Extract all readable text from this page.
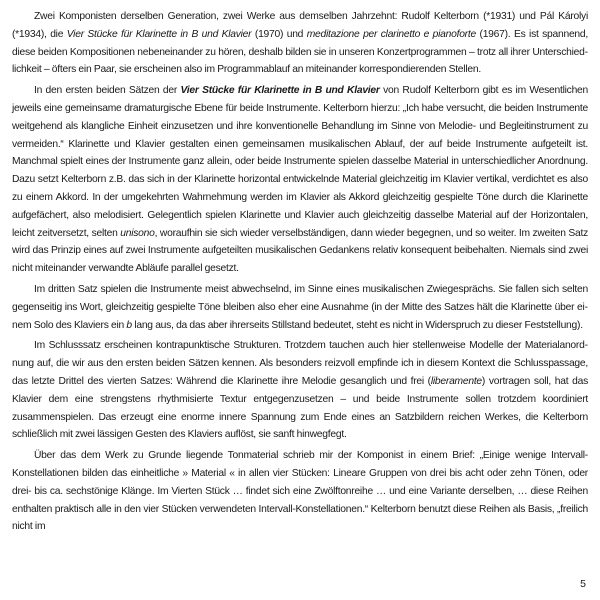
Zwei Komponisten derselben Generation, zwei Werke aus demselben Jahrzehnt: Rudolf Kelterborn (*1931) und Pál Károlyi (*1934), die Vier Stücke für Klarinette in B und Klavier (1970) und meditazione per clarinetto e pianoforte (1967). Es ist spannend, diese beiden Kompositionen nebeneinander zu hören, deshalb bilden sie in unseren Konzertprogrammen – trotz all ihrer Unterschiedlichkeit – öfters ein Paar, sie erscheinen also im Programmablauf an miteinander korrespondierenden Stellen.

In den ersten beiden Sätzen der Vier Stücke für Klarinette in B und Klavier von Rudolf Kelterborn gibt es im Wesentlichen jeweils eine gemeinsame dramaturgische Ebene für beide Instrumente. Kelterborn hierzu: „Ich habe versucht, die beiden Instrumente weitgehend als klangliche Einheit einzusetzen und ihre konventionelle Behandlung im Sinne von Melodie- und Begleitinstrument zu vermeiden.“ Klarinette und Klavier gestalten einen gemeinsamen musikalischen Ablauf, der auf beide Instrumente aufgeteilt ist. Manchmal spielt eines der Instrumente ganz allein, oder beide Instrumente spielen dasselbe Material in unterschiedlicher Anordnung. Dazu setzt Kelterborn z.B. das sich in der Klarinette horizontal entwickelnde Material gleichzeitig im Klavier vertikal, verdichtet es also zu einem Akkord. In der umgekehrten Wahrnehmung werden im Klavier als Akkord gleichzeitig gespielte Töne durch die Klarinette aufgefächert, also melodisiert. Gelegentlich spielen Klarinette und Klavier auch gleichzeitig dasselbe Material auf der Horizontalen, leicht zeitversetzt, selten unisono, woraufhin sie sich wieder verselbständigen, dann wieder begegnen, und so weiter. Im zweiten Satz wird das Prinzip eines auf zwei Instrumente aufgeteilten musikalischen Gedankens relativ konsequent beibehalten. Niemals sind zwei nicht miteinander verwandte Abläufe parallel gesetzt.

Im dritten Satz spielen die Instrumente meist abwechselnd, im Sinne eines musikalischen Zwiegesprächs. Sie fallen sich selten gegenseitig ins Wort, gleichzeitig gespielte Töne bleiben also eher eine Ausnahme (in der Mitte des Satzes hält die Klarinette über einem Solo des Klaviers ein b lang aus, da das aber ihrerseits Stillstand bedeutet, steht es nicht in Widerspruch zu dieser Feststellung).

Im Schlusssatz erscheinen kontrapunktische Strukturen. Trotzdem tauchen auch hier stellenweise Modelle der Materialanordnung auf, die wir aus den ersten beiden Sätzen kennen. Als besonders reizvoll empfinde ich in diesem Kontext die Schlusspassage, das letzte Drittel des vierten Satzes: Während die Klarinette ihre Melodie gesanglich und frei (liberamente) vortragen soll, hat das Klavier dem eine strengstens rhythmisierte Textur entgegenzusetzen – und beide Instrumente sollen trotzdem koordiniert zusammenspielen. Das erzeugt eine enorme innere Spannung zum Ende eines an Satzbildern reichen Werkes, die Kelterborn schließlich mit zwei lässigen Gesten des Klaviers auflöst, sie sanft hinwegfegt.

Über das dem Werk zu Grunde liegende Tonmaterial schrieb mir der Komponist in einem Brief: „Einige wenige Intervall-Konstellationen bilden das einheitliche » Material « in allen vier Stücken: Lineare Gruppen von drei bis acht oder zehn Tönen, oder drei- bis ca. sechstönige Klänge. Im Vierten Stück … findet sich eine Zwölftonreihe … und eine Variante derselben, … diese Reihen enthalten praktisch alle in den vier Stücken verwendeten Intervall-Konstellationen.“ Kelterborn benutzt diese Reihen als Basis, „freilich nicht im

5
